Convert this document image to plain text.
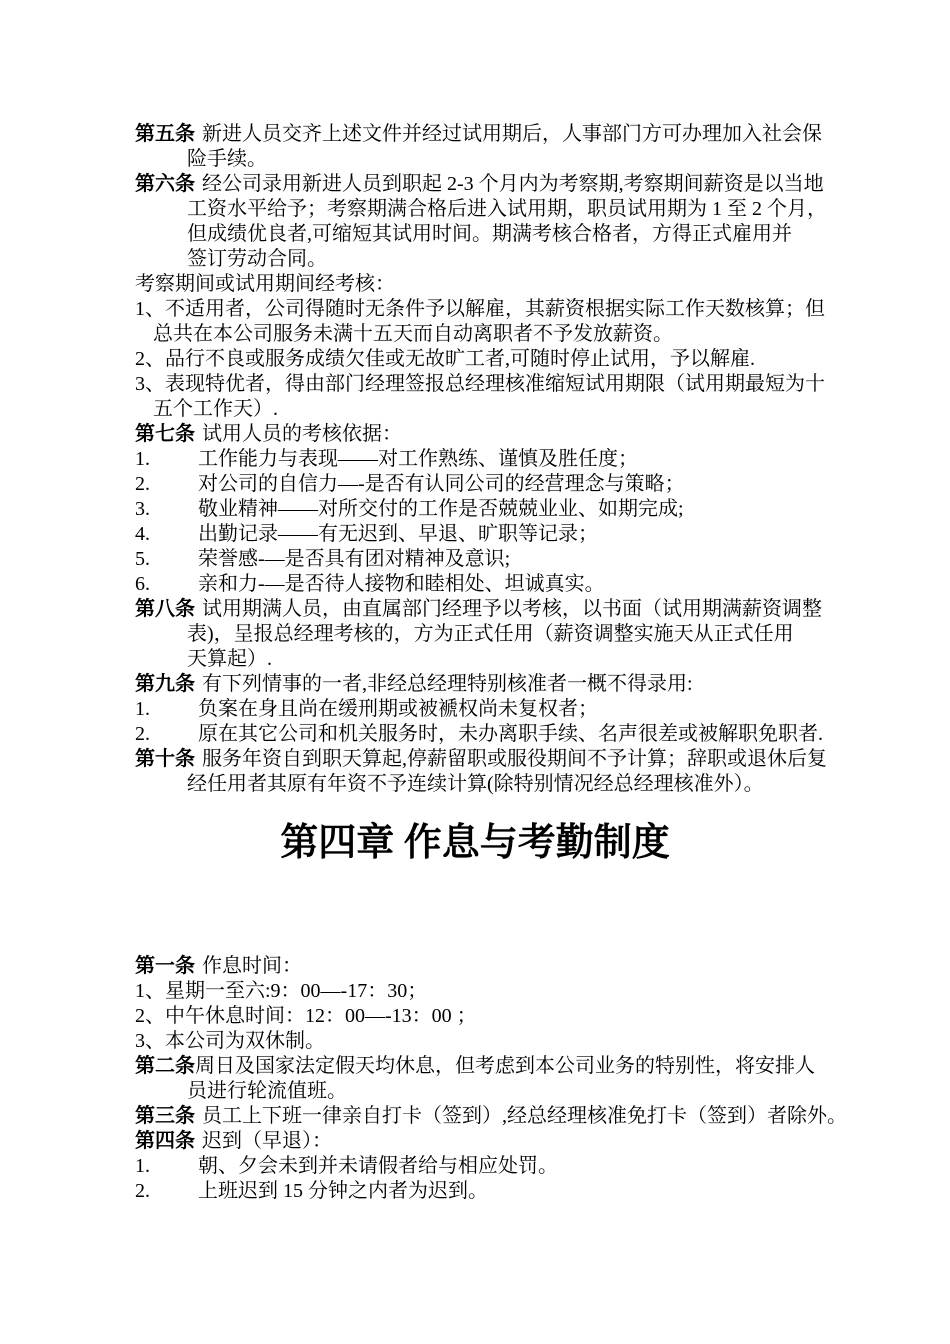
第五条 新进人员交齐上述文件并经过试用期后，人事部门方可办理加入社会保
险手续。
第六条 经公司录用新进人员到职起 2-3 个月内为考察期,考察期间薪资是以当地
工资水平给予；考察期满合格后进入试用期，职员试用期为 1 至 2 个月，
但成绩优良者,可缩短其试用时间。期满考核合格者，方得正式雇用并
签订劳动合同。
考察期间或试用期间经考核：
1、不适用者，公司得随时无条件予以解雇，其薪资根据实际工作天数核算；但
总共在本公司服务未满十五天而自动离职者不予发放薪资。
2、品行不良或服务成绩欠佳或无故旷工者,可随时停止试用，予以解雇.
3、表现特优者，得由部门经理签报总经理核准缩短试用期限（试用期最短为十
五个工作天）.
第七条 试用人员的考核依据：
1. 工作能力与表现——对工作熟练、谨慎及胜任度；
2. 对公司的自信力—-是否有认同公司的经营理念与策略；
3. 敬业精神——对所交付的工作是否兢兢业业、如期完成;
4. 出勤记录——有无迟到、早退、旷职等记录；
5. 荣誉感-—是否具有团对精神及意识;
6. 亲和力-—是否待人接物和睦相处、坦诚真实。
第八条 试用期满人员，由直属部门经理予以考核，以书面（试用期满薪资调整
表)，呈报总经理考核的，方为正式任用（薪资调整实施天从正式任用
天算起）.
第九条 有下列情事的一者,非经总经理特别核准者一概不得录用:
1. 负案在身且尚在缓刑期或被褫权尚未复权者；
2. 原在其它公司和机关服务时，未办离职手续、名声很差或被解职免职者.
第十条 服务年资自到职天算起,停薪留职或服役期间不予计算；辞职或退休后复
经任用者其原有年资不予连续计算(除特别情况经总经理核准外）。
第四章 作息与考勤制度
第一条 作息时间：
1、星期一至六:9：00—-17：30；
2、中午休息时间：12：00—-13：00 ；
3、本公司为双休制。
第二条周日及国家法定假天均休息，但考虑到本公司业务的特别性，将安排人
员进行轮流值班。
第三条 员工上下班一律亲自打卡（签到）,经总经理核准免打卡（签到）者除外。
第四条 迟到（早退）：
1. 朝、夕会未到并未请假者给与相应处罚。
2. 上班迟到 15 分钟之内者为迟到。
